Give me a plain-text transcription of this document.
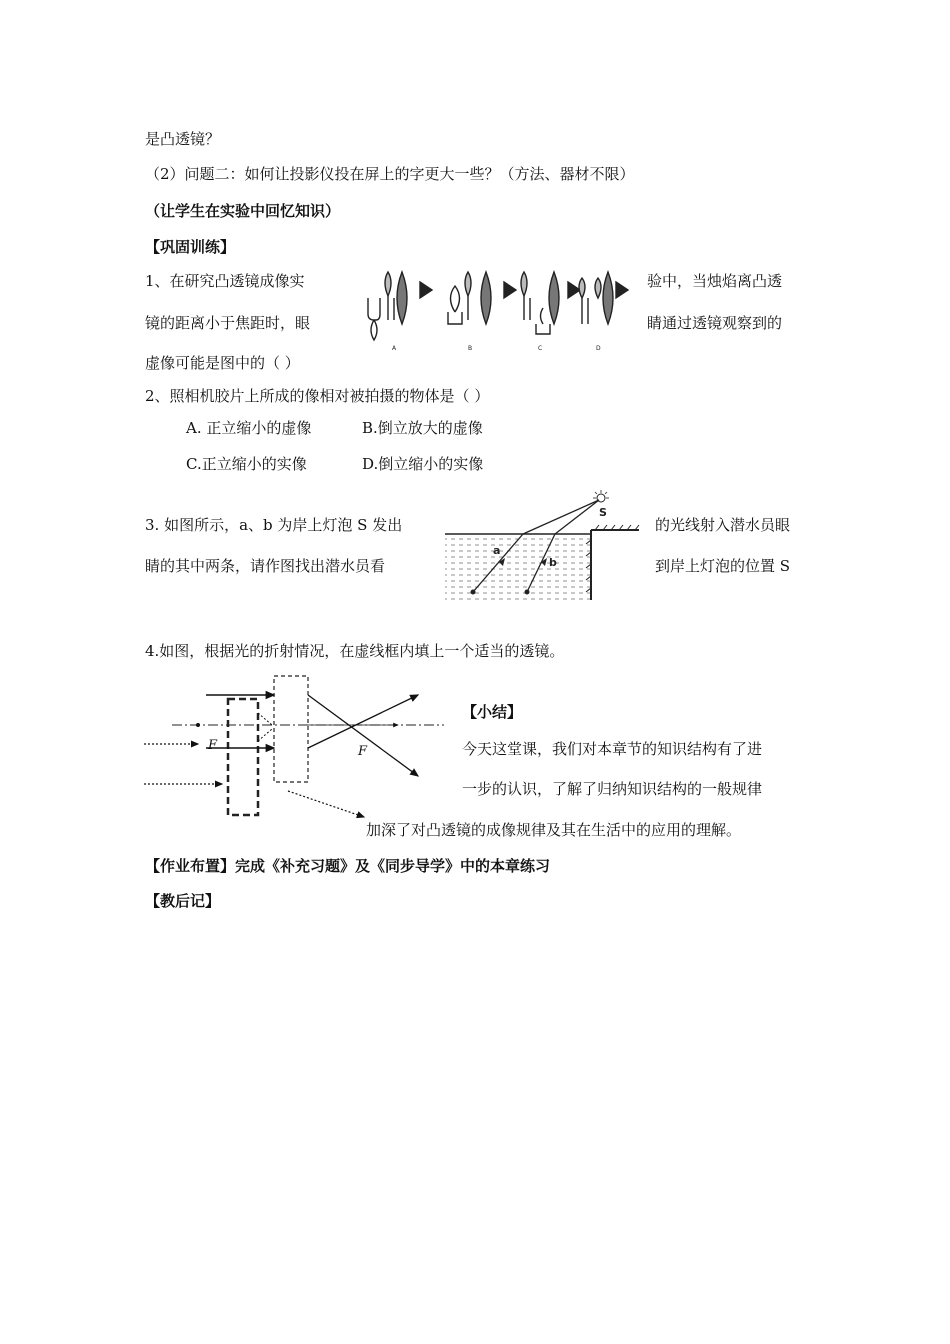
是凸透镜？
（2）问题二：如何让投影仪投在屏上的字更大一些？（方法、器材不限）
（让学生在实验中回忆知识）
【巩固训练】
1、在研究凸透镜成像实	验中，当烛焰离凸透
镜的距离小于焦距时，眼	睛通过透镜观察到的
虚像可能是图中的（ ）
A	B	C	D
2、照相机胶片上所成的像相对被拍摄的物体是（ ）
A. 正立缩小的虚像	B.倒立放大的虚像
C.正立缩小的实像	D.倒立缩小的实像
3. 如图所示，a、b 为岸上灯泡 S 发出	的光线射入潜水员眼
睛的其中两条，请作图找出潜水员看	到岸上灯泡的位置 S
S
a
b
4.如图，根据光的折射情况，在虚线框内填上一个适当的透镜。
F	F
【小结】
今天这堂课，我们对本章节的知识结构有了进
一步的认识，了解了归纳知识结构的一般规律
加深了对凸透镜的成像规律及其在生活中的应用的理解。
【作业布置】完成《补充习题》及《同步导学》中的本章练习
【教后记】
